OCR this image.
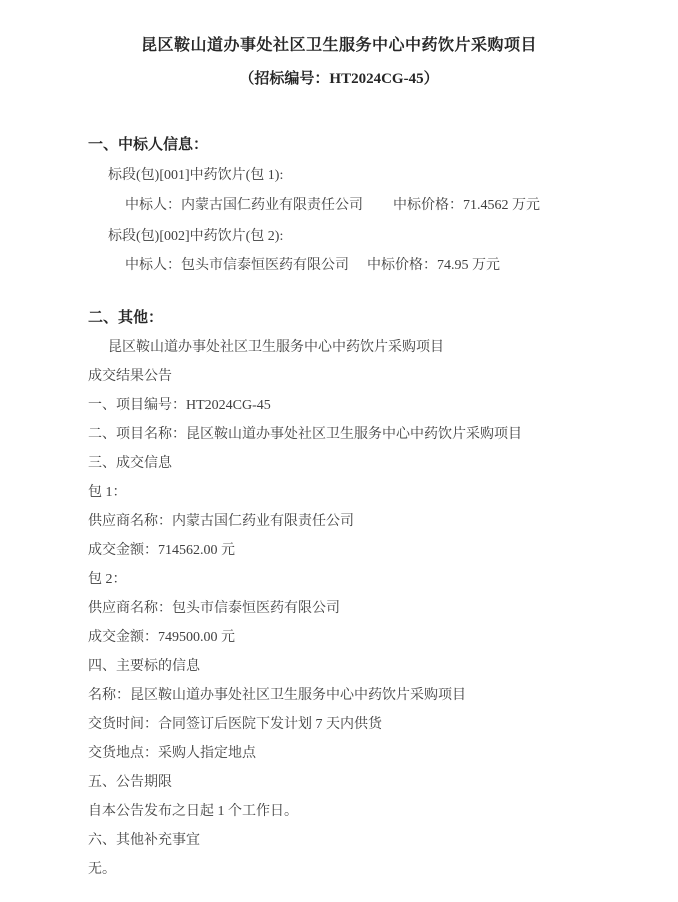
昆区鞍山道办事处社区卫生服务中心中药饮片采购项目
（招标编号：HT2024CG-45）
一、中标人信息：
标段(包)[001]中药饮片(包 1):
中标人：内蒙古国仁药业有限责任公司 中标价格：71.4562 万元
标段(包)[002]中药饮片(包 2):
中标人：包头市信泰恒医药有限公司 中标价格：74.95 万元
二、其他：
昆区鞍山道办事处社区卫生服务中心中药饮片采购项目
成交结果公告
一、项目编号：HT2024CG-45
二、项目名称：昆区鞍山道办事处社区卫生服务中心中药饮片采购项目
三、成交信息
包 1：
供应商名称：内蒙古国仁药业有限责任公司
成交金额：714562.00 元
包 2：
供应商名称：包头市信泰恒医药有限公司
成交金额：749500.00 元
四、主要标的信息
名称：昆区鞍山道办事处社区卫生服务中心中药饮片采购项目
交货时间：合同签订后医院下发计划 7 天内供货
交货地点：采购人指定地点
五、公告期限
自本公告发布之日起 1 个工作日。
六、其他补充事宜
无。
